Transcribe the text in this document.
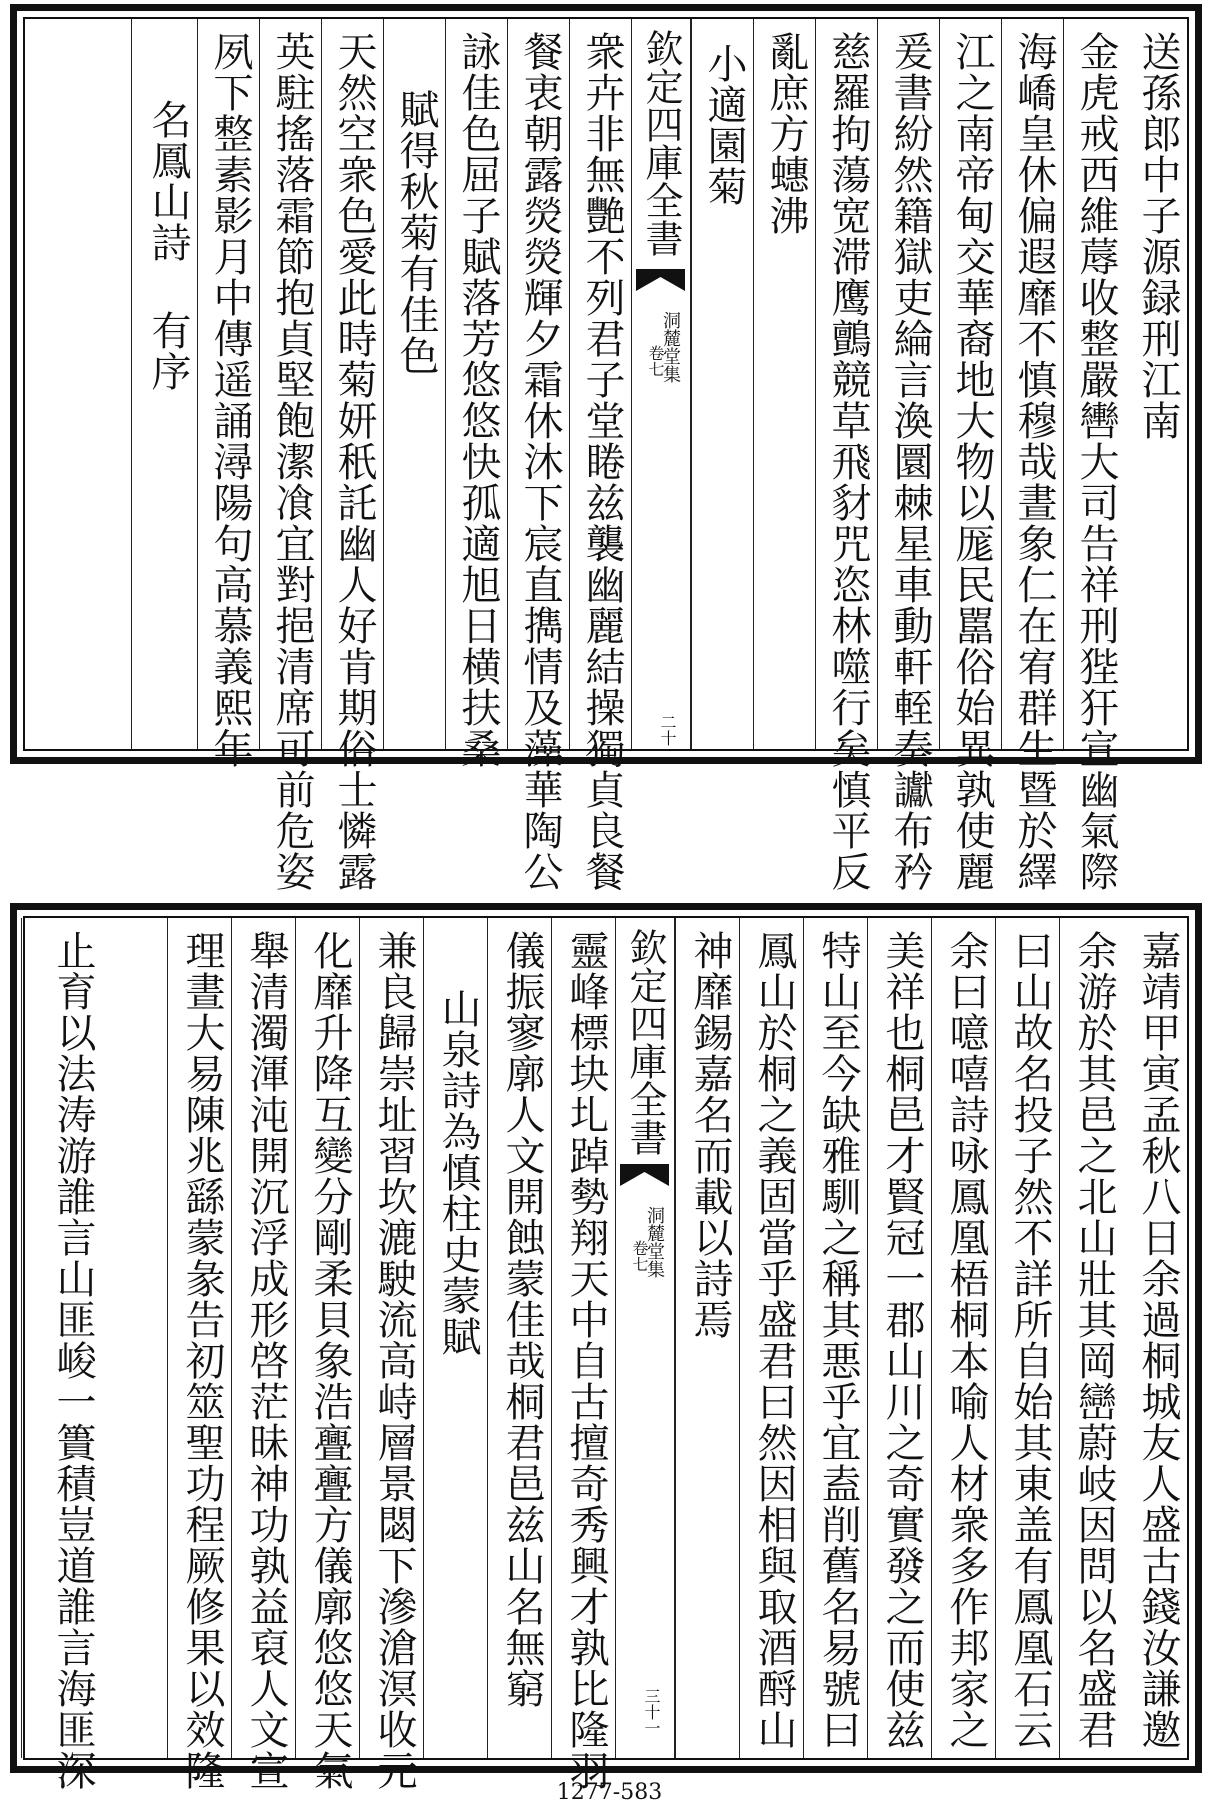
送孫郎中子源録刑江南
金虎戒西維蓐收整嚴轡大司告祥刑狴犴宣幽氣際
海嶠皇休偏遐靡不慎穆哉晝象仁在宥群生暨於繹
江之南帝甸交華裔地大物以厖民嚚俗始異孰使麗
爰書紛然籍獄吏綸言渙圜棘星車動軒輊奏讞布矜
慈羅拘蕩宽滞鹰鸇競草飛豺咒恣林噬行矣慎平反
亂庶方蟪沸
小適園菊
欽定四庫全書
洞麓堂集
卷七
二十
衆卉非無艷不列君子堂睠兹襲幽麗結操獨貞良餐
餐衷朝露熒熒輝夕霜休沐下宸直擕情及藻華陶公
詠佳色屈子賦落芳悠悠快孤適旭日横扶桑
賦得秋菊有佳色
天然空衆色愛此時菊妍秖託幽人好肯期俗士憐露
英駐搖落霜節抱貞堅飽潔飡宜對挹清席可前危姿
夙下整素影月中傳遥誦潯陽句高慕義熙年
名鳳山詩 有序
嘉靖甲寅孟秋八日余過桐城友人盛古錢汝謙邀
余游於其邑之北山壯其岡巒蔚岐因問以名盛君
曰山故名投子然不詳所自始其東盖有鳳凰石云
余曰噫嘻詩咏鳳凰梧桐本喻人材衆多作邦家之
美祥也桐邑才賢冠一郡山川之奇實發之而使兹
特山至今缺雅馴之稱其悪乎宜盍削舊名易號曰
鳳山於桐之義固當乎盛君曰然因相與取酒酹山
神靡錫嘉名而載以詩焉
欽定四庫全書
洞麓堂集
卷七
三十一
靈峰標块圠踔勢翔天中自古擅奇秀興才孰比隆羽
儀振寥廓人文開蝕蒙佳哉桐君邑兹山名無窮
山泉詩為慎柱史蒙賦
兼良歸崇址習坎漉駛流高峙層景閟下滲滄溟收元
化靡升降互變分剛柔貝象浩亹亹方儀廓悠悠天氣
舉清濁渾沌開沉浮成形啓茫昧神功孰益裒人文宣
理晝大易陳兆繇蒙彖告初筮聖功程厥修果以效隆
止育以法涛游誰言山匪峻一簣積豈道誰言海匪深
1277-583
